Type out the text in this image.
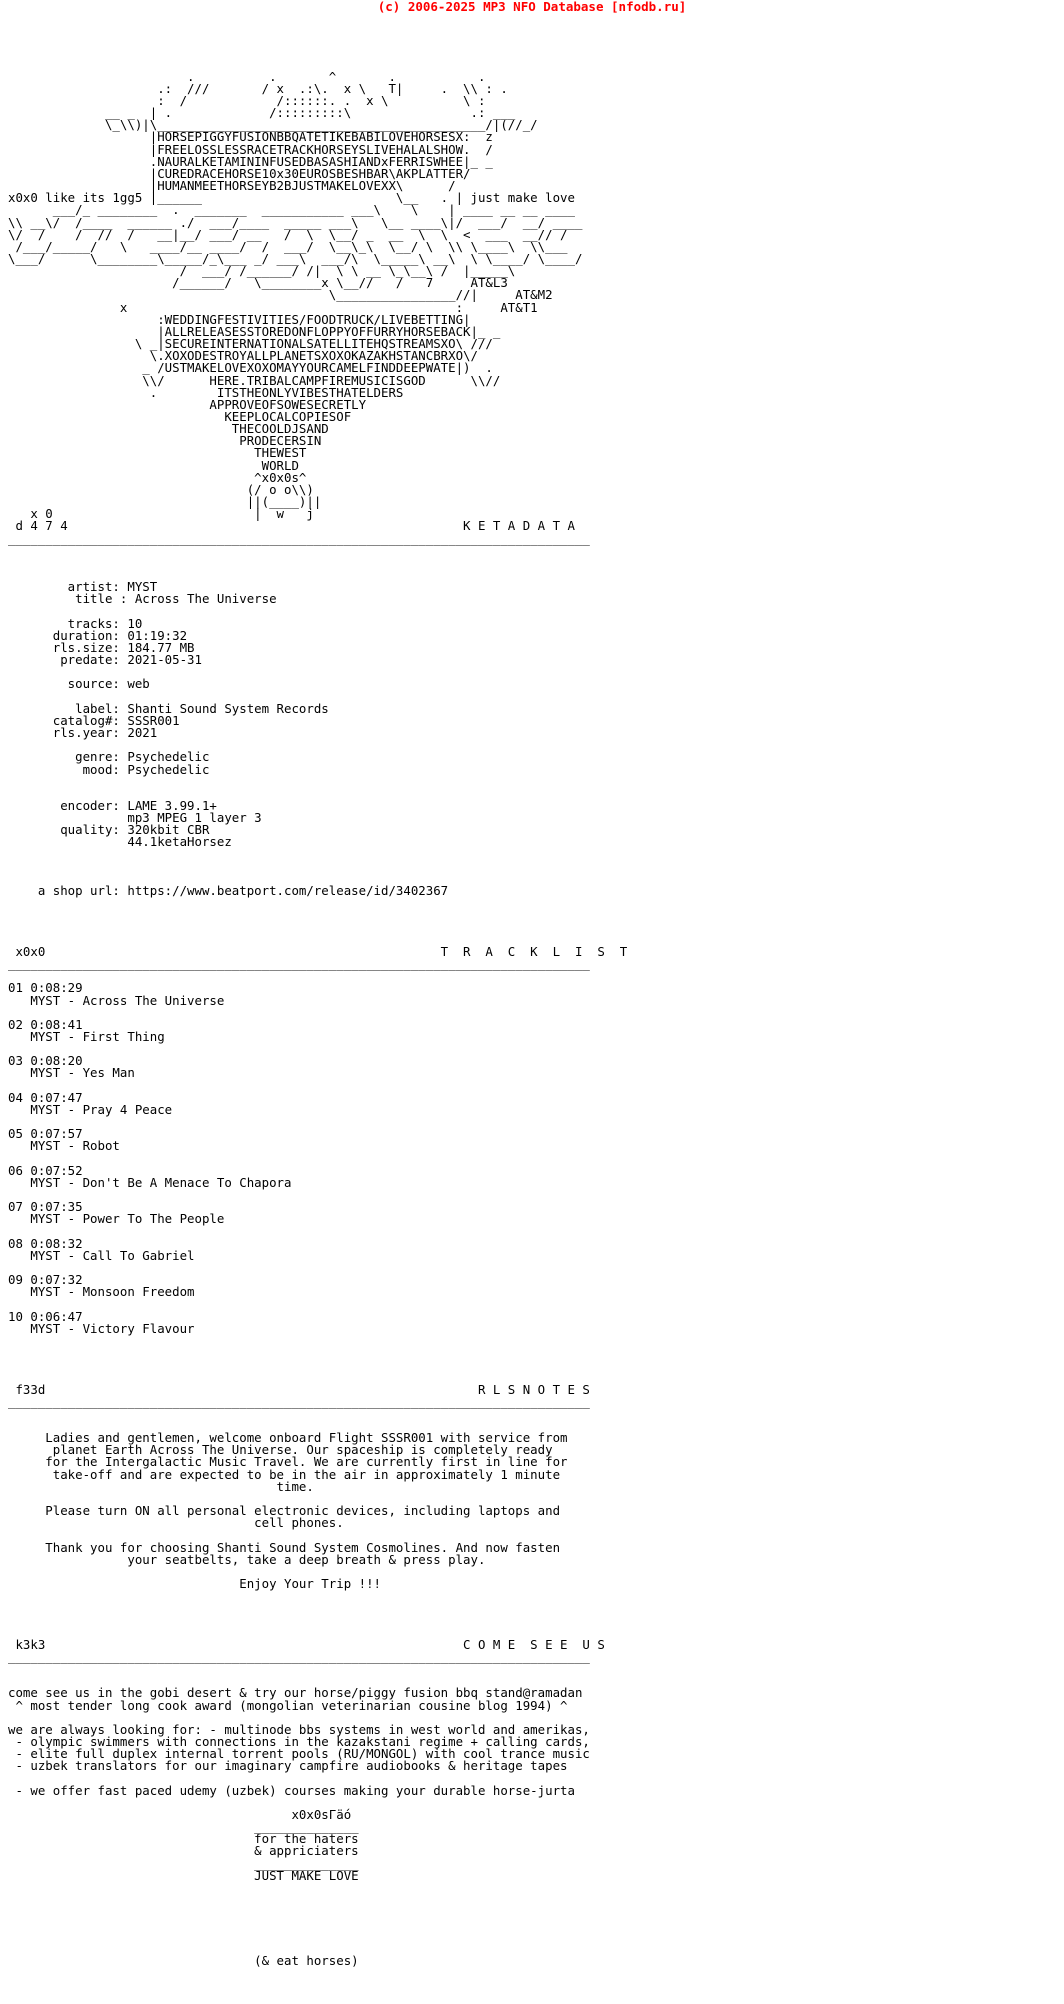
(c) 2006-2025 MP3 NFO Database [nfodb.ru]

.          .       ^       .           .
.:  ///       / x  .:\.  x \   T|     .  \\ : .
:  /            /::::::. .  x \          \ :
__ _  | .             /:::::::::\                .: ___
\_\\)|\____________________________________________/|(//_/
|HORSEPIGGYFUSIONBBQATETIKEBABILOVEHORSESX:  z
|FREELOSSLESSRACETRACKHORSEYSLIVEHALALSHOW.  /
.NAURALKETAMININFUSEDBASASHIANDxFERRISWHEE|_ _
|CUREDRACEHORSE10x30EUROSBESHBAR\AKPLATTER/
|HUMANMEETHORSEYB2BJUSTMAKELOVEXX\      /
x0x0 like its 1gg5 |______                          \__   . | just make love
___/_ ________  .  _______  ___________ ___\    \    | ____ __ __ ____
\\ __\/  /____  ______ ./  ___/____  _____ ___\   \__ ____\|/  ___/  __/ ____
\/  /    /  //  /   __|__/ ___/ __   /  \  \__/ _  __  \  \  <  ___  __// /
/___/_____/   \   ____/__ ____/  /  ___/  \__\_\  \__/ \  \\ \____\  \\___
\___/      \________\_____/_\___ _/ ___\  ___/\  \_____\ __\  \ \____/ \____/
/  ___/ /______/ /|  \ \ __ \_\__\ /  |_____\
/______/   \________x \__//   /   7     AT&L3
\________________//|     AT&M2
x                                            :     AT&T1
:WEDDINGFESTIVITIES/FOODTRUCK/LIVEBETTING|
|ALLRELEASESSTOREDONFLOPPYOFFURRYHORSEBACK|_ _
\ _|SECUREINTERNATIONALSATELLITEHQSTREAMSXO\ ///
\.XOXODESTROYALLPLANETSXOXOKAZAKHSTANCBRXO\/
_ /USTMAKELOVEXOXOMAYYOURCAMELFINDDEEPWATE|)  .
\\/      HERE.TRIBALCAMPFIREMUSICISGOD      \\//
.        ITSTHEONLYVIBESTHATELDERS
APPROVEOFSOWESECRETLY
KEEPLOCALCOPIESOF
THECOOLDJSAND
PRODECERSIN
THEWEST
WORLD
^x0x0s^
(/ o o\\)
||(____)||
x 0                           |  w   j
d 4 7 4                                                     K E T A D A T A
______________________________________________________________________________

artist: MYST
title : Across The Universe

tracks: 10
duration: 01:19:32
rls.size: 184.77 MB
predate: 2021-05-31

source: web

label: Shanti Sound System Records
catalog#: SSSR001
rls.year: 2021

genre: Psychedelic
mood: Psychedelic

encoder: LAME 3.99.1+
mp3 MPEG 1 layer 3
quality: 320kbit CBR
44.1ketaHorsez

a shop url: https://www.beatport.com/release/id/3402367

x0x0                                                     T  R  A  C  K  L  I  S  T
______________________________________________________________________________

01 0:08:29
MYST - Across The Universe

02 0:08:41
MYST - First Thing

03 0:08:20
MYST - Yes Man

04 0:07:47
MYST - Pray 4 Peace

05 0:07:57
MYST - Robot

06 0:07:52
MYST - Don't Be A Menace To Chapora

07 0:07:35
MYST - Power To The People

08 0:08:32
MYST - Call To Gabriel

09 0:07:32
MYST - Monsoon Freedom

10 0:06:47
MYST - Victory Flavour

f33d                                                          R L S N O T E S
______________________________________________________________________________

Ladies and gentlemen, welcome onboard Flight SSSR001 with service from
planet Earth Across The Universe. Our spaceship is completely ready
for the Intergalactic Music Travel. We are currently first in line for
take-off and are expected to be in the air in approximately 1 minute
time.

Please turn ON all personal electronic devices, including laptops and
cell phones.

Thank you for choosing Shanti Sound System Cosmolines. And now fasten
your seatbelts, take a deep breath & press play.

Enjoy Your Trip !!!

k3k3                                                        C O M E  S E E  U S
______________________________________________________________________________

come see us in the gobi desert & try our horse/piggy fusion bbq stand@ramadan
^ most tender long cook award (mongolian veterinarian cousine blog 1994) ^

we are always looking for: - multinode bbs systems in west world and amerikas,
- olympic swimmers with connections in the kazakstani regime + calling cards,
- elite full duplex internal torrent pools (RU/MONGOL) with cool trance music
- uzbek translators for our imaginary campfire audiobooks & heritage tapes

- we offer fast paced udemy (uzbek) courses making your durable horse-jurta

x0x0sΓäó
______________
for the haters
& appriciaters
______________
JUST MAKE LOVE

(& eat horses)
